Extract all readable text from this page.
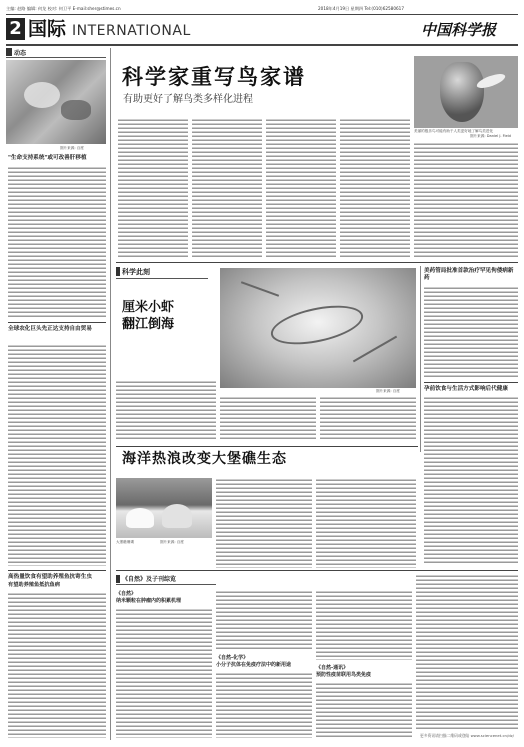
主编: 赵路 编辑: 何龙 校对: 何卫平 E-mail:sher@stimes.cn	2018年4月19日 星期四 Tel:(010)62580617
2 国际 INTERNATIONAL	中国科学报
动态
图片来源: 百度
"生命支持系统"或可改善肝移植
全球农化巨头先正达支持自由贸易
高热量饮食有望助养殖鱼抗寄生虫
有望助养殖鱼抵抗鱼病
科学家重写鸟家谱
有助更好了解鸟类多样化进程
美丽的极乐鸟可能有助于人类更好地了解鸟类进化
图片来源: Daniel J. Field
科学此刻
厘米小虾
翻江倒海
图片来源: 百度
美药管局批准首款治疗罕见佝偻病新药
孕前饮食与生活方式影响后代健康
海洋热浪改变大堡礁生态
大堡礁珊瑚	图片来源: 百度
《自然》及子刊综览
《自然》
纳米颗粒在肿瘤内的积累机理
《自然-化学》
小分子抗体在免疫疗法中的新用途	《自然-通讯》
预防性疫苗联用鸟类免疫
更多资讯请扫描二维码或登陆 www.sciencenet.cn/dz/
